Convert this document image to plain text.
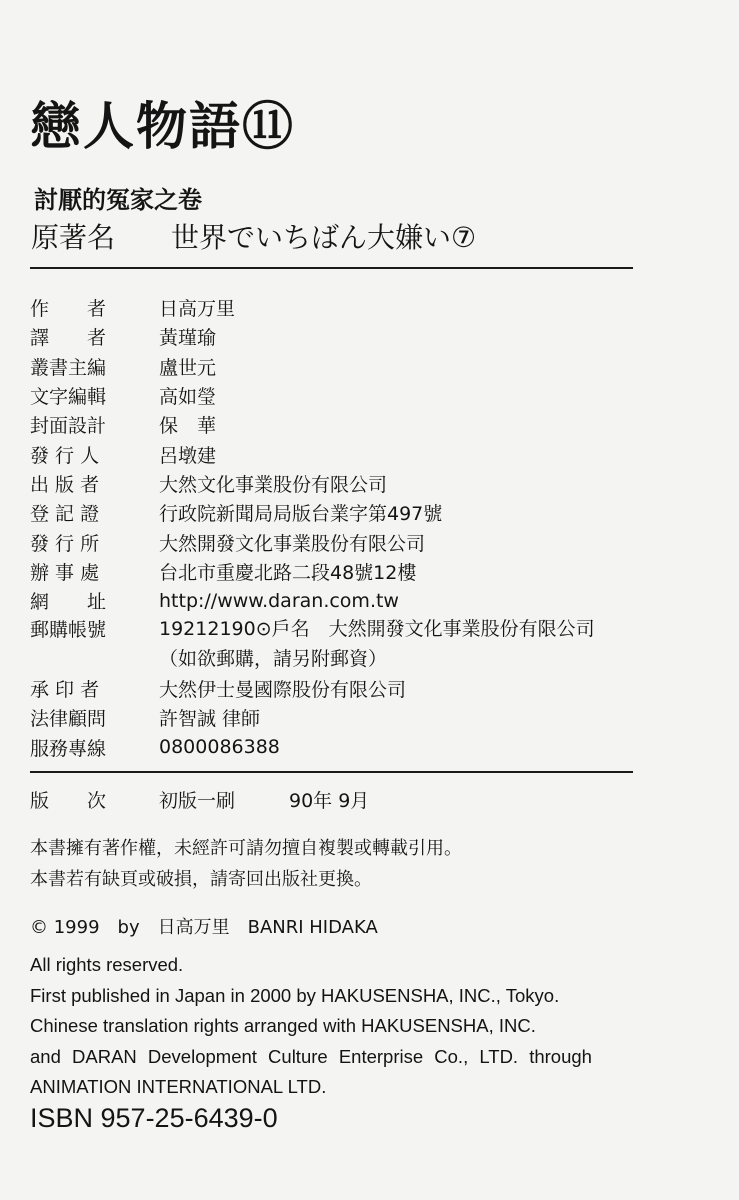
戀人物語⑪
討厭的冤家之卷
原著名 世界でいちばん大嫌い⑦
作　　者	日高万里
譯　　者	黃瑾瑜
叢書主編	盧世元
文字編輯	高如瑩
封面設計	保　華
發 行 人	呂墩建
出 版 者	大然文化事業股份有限公司
登 記 證	行政院新聞局局版台業字第497號
發 行 所	大然開發文化事業股份有限公司
辦 事 處	台北市重慶北路二段48號12樓
網　　址	http://www.daran.com.tw
郵購帳號	19212190⊙戶名　大然開發文化事業股份有限公司
（如欲郵購，請另附郵資）
承 印 者	大然伊士曼國際股份有限公司
法律顧問	許智誠 律師
服務專線	0800086388
版　　次	初版一刷	90年 9月
本書擁有著作權，未經許可請勿擅自複製或轉載引用。
本書若有缺頁或破損，請寄回出版社更換。
© 1999 by 日高万里 BANRI HIDAKA
All rights reserved.
First published in Japan in 2000 by HAKUSENSHA, INC., Tokyo.
Chinese translation rights arranged with HAKUSENSHA, INC.
and DARAN Development Culture Enterprise Co., LTD. through
ANIMATION INTERNATIONAL LTD.
ISBN 957-25-6439-0
